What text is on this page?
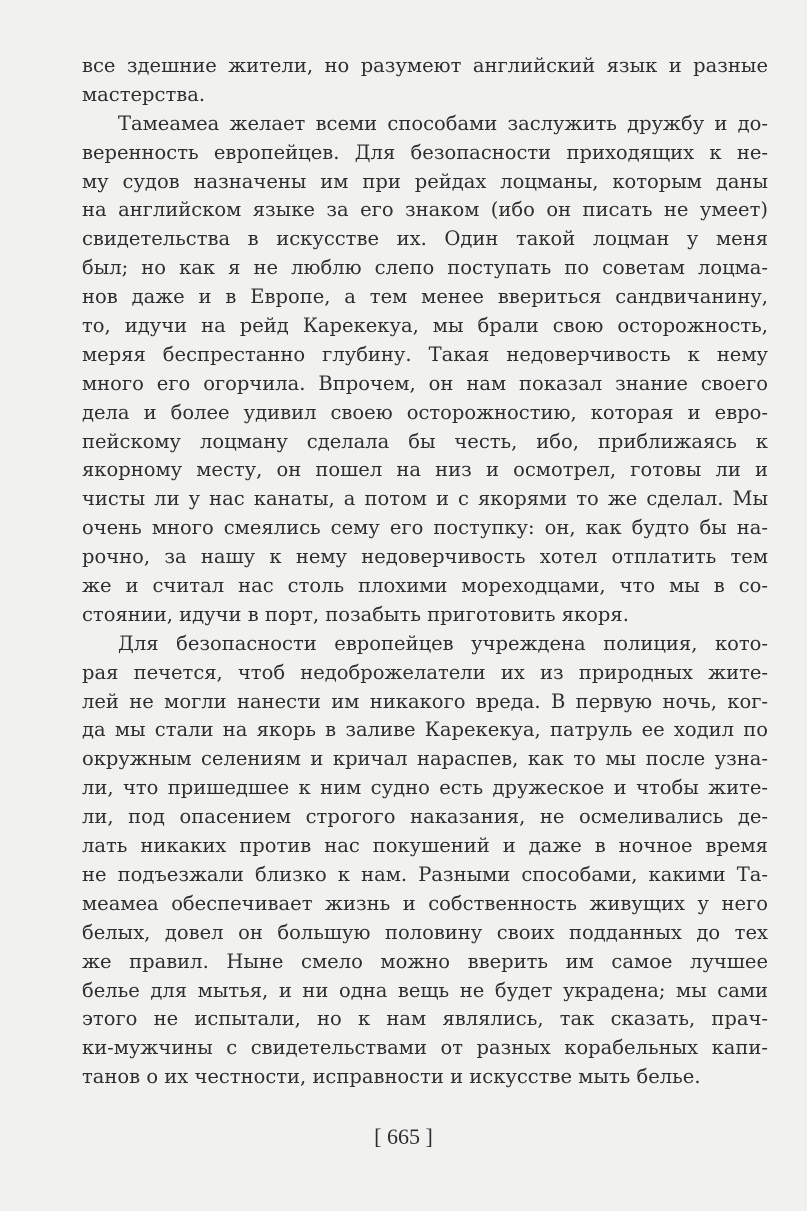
все здешние жители, но разумеют английский язык и разные
мастерства.
Тамеамеа желает всеми способами заслужить дружбу и до-
веренность европейцев. Для безопасности приходящих к не-
му судов назначены им при рейдах лоцманы, которым даны
на английском языке за его знаком (ибо он писать не умеет)
свидетельства в искусстве их. Один такой лоцман у меня
был; но как я не люблю слепо поступать по советам лоцма-
нов даже и в Европе, а тем менее ввериться сандвичанину,
то, идучи на рейд Карекекуа, мы брали свою осторожность,
меряя беспрестанно глубину. Такая недоверчивость к нему
много его огорчила. Впрочем, он нам показал знание своего
дела и более удивил своею осторожностию, которая и евро-
пейскому лоцману сделала бы честь, ибо, приближаясь к
якорному месту, он пошел на низ и осмотрел, готовы ли и
чисты ли у нас канаты, а потом и с якорями то же сделал. Мы
очень много смеялись сему его поступку: он, как будто бы на-
рочно, за нашу к нему недоверчивость хотел отплатить тем
же и считал нас столь плохими мореходцами, что мы в со-
стоянии, идучи в порт, позабыть приготовить якоря.
Для безопасности европейцев учреждена полиция, кото-
рая печется, чтоб недоброжелатели их из природных жите-
лей не могли нанести им никакого вреда. В первую ночь, ког-
да мы стали на якорь в заливе Карекекуа, патруль ее ходил по
окружным селениям и кричал нараспев, как то мы после узна-
ли, что пришедшее к ним судно есть дружеское и чтобы жите-
ли, под опасением строгого наказания, не осмеливались де-
лать никаких против нас покушений и даже в ночное время
не подъезжали близко к нам. Разными способами, какими Та-
меамеа обеспечивает жизнь и собственность живущих у него
белых, довел он большую половину своих подданных до тех
же правил. Ныне смело можно вверить им самое лучшее
белье для мытья, и ни одна вещь не будет украдена; мы сами
этого не испытали, но к нам являлись, так сказать, прач-
ки-мужчины с свидетельствами от разных корабельных капи-
танов о их честности, исправности и искусстве мыть белье.
[ 665 ]
